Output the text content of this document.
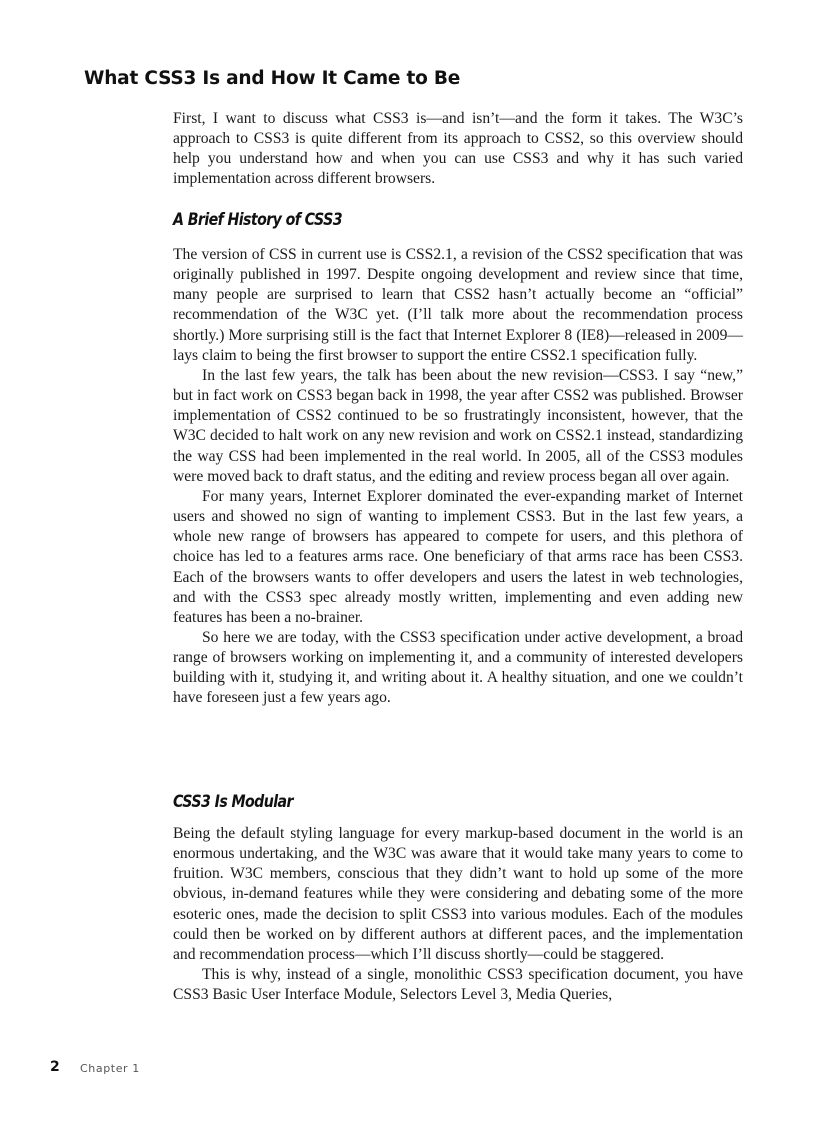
What CSS3 Is and How It Came to Be

First, I want to discuss what CSS3 is—and isn’t—and the form it takes. The W3C’s approach to CSS3 is quite different from its approach to CSS2, so this overview should help you understand how and when you can use CSS3 and why it has such varied implementation across different browsers.

A Brief History of CSS3

The version of CSS in current use is CSS2.1, a revision of the CSS2 specification that was originally published in 1997. Despite ongoing development and review since that time, many people are surprised to learn that CSS2 hasn’t actually become an “official” recommendation of the W3C yet. (I’ll talk more about the recommendation process shortly.) More surprising still is the fact that Internet Explorer 8 (IE8)—released in 2009—lays claim to being the first browser to support the entire CSS2.1 specification fully.

In the last few years, the talk has been about the new revision—CSS3. I say “new,” but in fact work on CSS3 began back in 1998, the year after CSS2 was published. Browser implementation of CSS2 continued to be so frustratingly inconsistent, however, that the W3C decided to halt work on any new revision and work on CSS2.1 instead, standardizing the way CSS had been implemented in the real world. In 2005, all of the CSS3 modules were moved back to draft status, and the editing and review process began all over again.

For many years, Internet Explorer dominated the ever-expanding market of Internet users and showed no sign of wanting to implement CSS3. But in the last few years, a whole new range of browsers has appeared to compete for users, and this plethora of choice has led to a features arms race. One beneficiary of that arms race has been CSS3. Each of the browsers wants to offer developers and users the latest in web technologies, and with the CSS3 spec already mostly written, implementing and even adding new features has been a no-brainer.

So here we are today, with the CSS3 specification under active development, a broad range of browsers working on implementing it, and a community of interested developers building with it, studying it, and writing about it. A healthy situation, and one we couldn’t have foreseen just a few years ago.

CSS3 Is Modular

Being the default styling language for every markup-based document in the world is an enormous undertaking, and the W3C was aware that it would take many years to come to fruition. W3C members, conscious that they didn’t want to hold up some of the more obvious, in-demand features while they were considering and debating some of the more esoteric ones, made the decision to split CSS3 into various modules. Each of the modules could then be worked on by different authors at different paces, and the implementation and recommendation process—which I’ll discuss shortly—could be staggered.

This is why, instead of a single, monolithic CSS3 specification document, you have CSS3 Basic User Interface Module, Selectors Level 3, Media Queries,

2 Chapter 1
